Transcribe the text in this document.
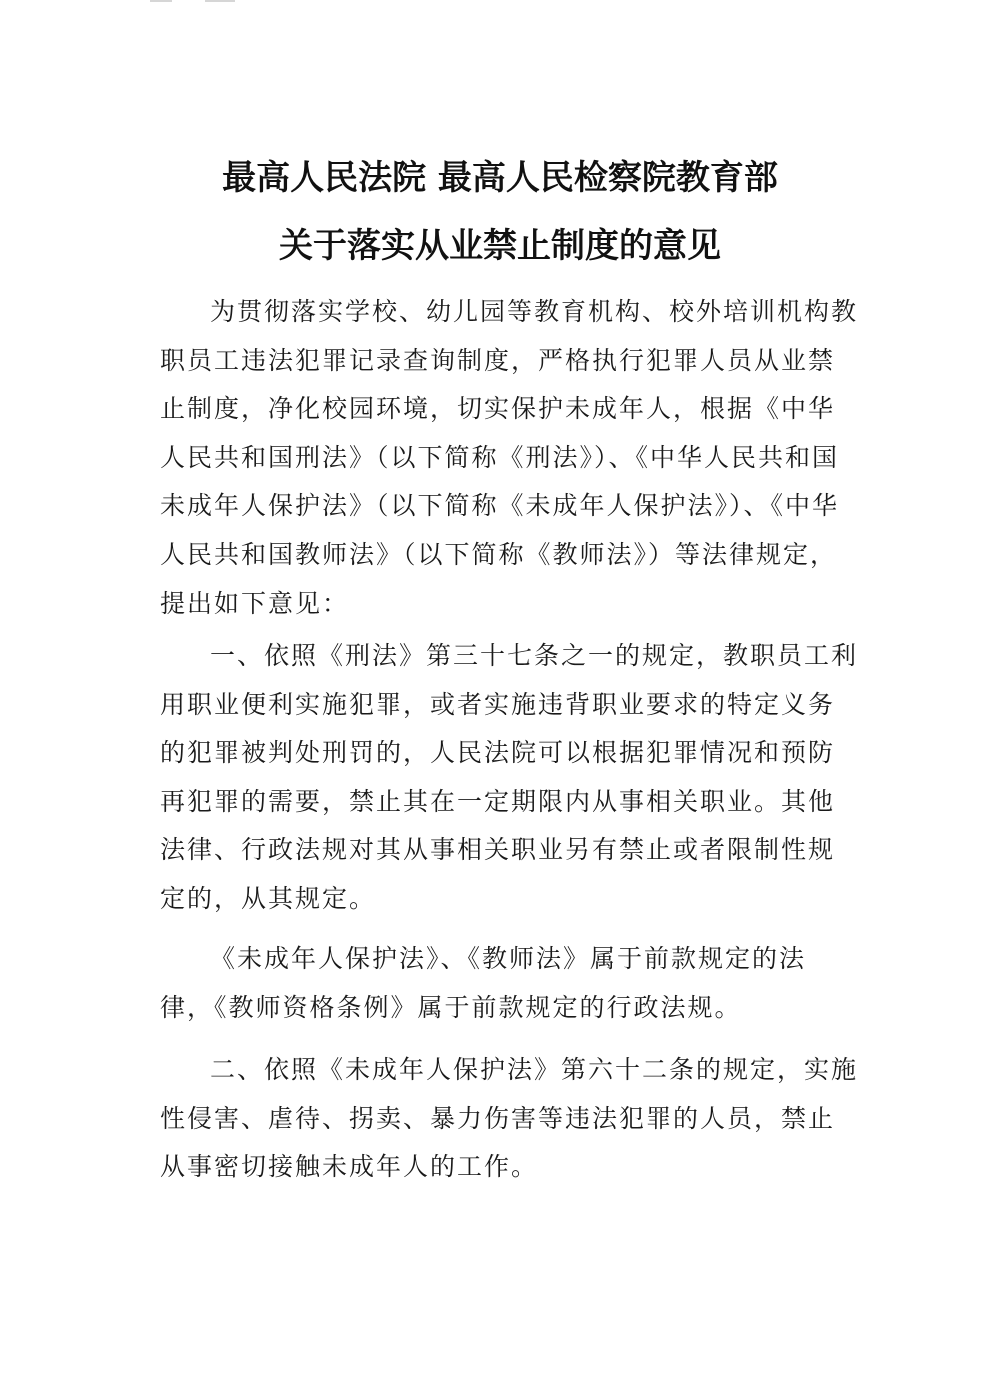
最高人民法院 最高人民检察院教育部
关于落实从业禁止制度的意见

为贯彻落实学校、幼儿园等教育机构、校外培训机构教职员工违法犯罪记录查询制度，严格执行犯罪人员从业禁止制度，净化校园环境，切实保护未成年人，根据《中华人民共和国刑法》（以下简称《刑法》）、《中华人民共和国未成年人保护法》（以下简称《未成年人保护法》）、《中华人民共和国教师法》（以下简称《教师法》）等法律规定，提出如下意见：

一、依照《刑法》第三十七条之一的规定，教职员工利用职业便利实施犯罪，或者实施违背职业要求的特定义务的犯罪被判处刑罚的，人民法院可以根据犯罪情况和预防再犯罪的需要，禁止其在一定期限内从事相关职业。其他法律、行政法规对其从事相关职业另有禁止或者限制性规定的，从其规定。

《未成年人保护法》、《教师法》属于前款规定的法律，《教师资格条例》属于前款规定的行政法规。

二、依照《未成年人保护法》第六十二条的规定，实施性侵害、虐待、拐卖、暴力伤害等违法犯罪的人员，禁止从事密切接触未成年人的工作。
